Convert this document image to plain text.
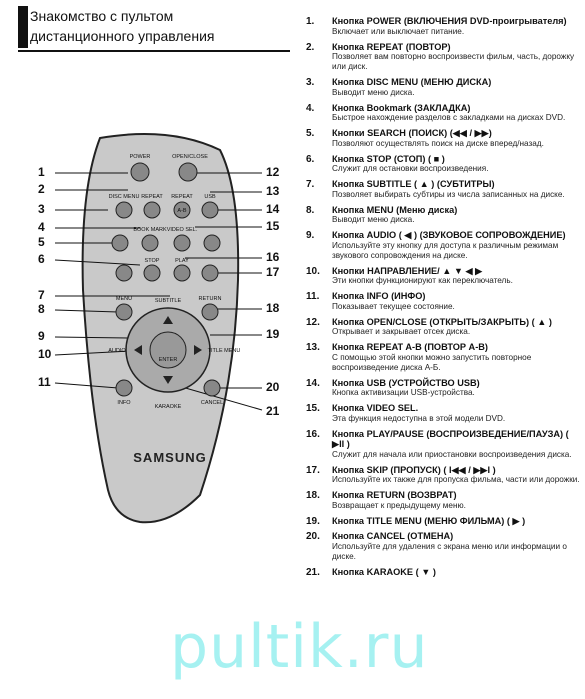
Знакомство с пультом
дистанционного управления
POWER	OPEN/CLOSE
DISC MENU REPEAT REPEAT USB
BOOK MARK VIDEO SEL.
STOP	PLAY
MENU	SUBTITLE	RETURN
AUDIO
ENTER
TITLE MENU
INFO
KARAOKE
CANCEL
A-B
SAMSUNG
1
2
3
4
5
6
7
8
9
10
11
12
13
14
15
16
17
18
19
20
21
1.	Кнопка POWER (ВКЛЮЧЕНИЯ DVD-проигрывателя)
Включает или выключает питание.
2.	Кнопка REPEAT (ПОВТОР)
Позволяет вам повторно воспроизвести фильм, часть, дорожку или диск.
3.	Кнопка DISC MENU (МЕНЮ ДИСКА)
Выводит меню диска.
4.	Кнопка Bookmark (ЗАКЛАДКА)
Быстрое нахождение разделов с закладками на дисках DVD.
5.	Кнопки SEARCH (ПОИСК) (◀◀ / ▶▶)
Позволяют осуществлять поиск на диске вперед/назад.
6.	Кнопка STOP (СТОП) ( ■ )
Служит для остановки воспроизведения.
7.	Кнопка SUBTITLE ( ▲ ) (СУБТИТРЫ)
Позволяет выбирать субтиры из числа записанных на диске.
8.	Кнопка MENU (Меню диска)
Выводит меню диска.
9.	Кнопка AUDIO ( ◀ ) (ЗВУКОВОЕ СОПРОВОЖДЕНИЕ)
Используйте эту кнопку для доступа к различным режимам звукового сопровождения на диске.
10.	Кнопки НАПРАВЛЕНИЕ/ ▲ ▼ ◀ ▶
Эти кнопки функционируют как переключатель.
11.	Кнопка INFO (ИНФО)
Показывает текущее состояние.
12.	Кнопка OPEN/CLOSE (ОТКРЫТЬ/ЗАКРЫТЬ) ( ▲ )
Открывает и закрывает отсек диска.
13.	Кнопка REPEAT A-B (ПОВТОР A-B)
С помощью этой кнопки можно запустить повторное воспроизведение диска A-Б.
14.	Кнопка USB (УСТРОЙСТВО USB)
Кнопка активизации USB-устройства.
15.	Кнопка VIDEO SEL.
Эта функция недоступна в этой модели DVD.
16.	Кнопка PLAY/PAUSE (ВОСПРОИЗВЕДЕНИЕ/ПАУЗА) ( ▶II )
Служит для начала или приостановки воспроизведения диска.
17.	Кнопка SKIP (ПРОПУСК) ( I◀◀ / ▶▶I )
Используйте их также для пропуска фильма, части или дорожки.
18.	Кнопка RETURN (ВОЗВРАТ)
Возвращает к предыдущему меню.
19.	Кнопка TITLE MENU (МЕНЮ ФИЛЬМА) ( ▶ )
20.	Кнопка CANCEL (ОТМЕНА)
Используйте для удаления с экрана меню или информации о диске.
21.	Кнопка KARAOKE ( ▼ )
pultik.ru
